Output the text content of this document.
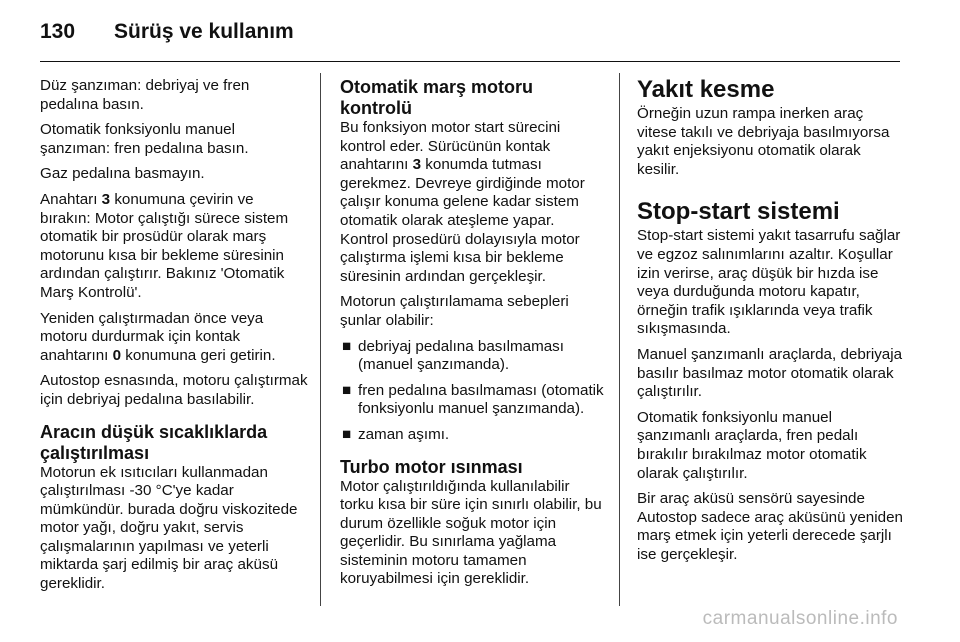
130	Sürüş ve kullanım

Düz şanzıman: debriyaj ve fren pedalına basın.

Otomatik fonksiyonlu manuel şanzıman: fren pedalına basın.

Gaz pedalına basmayın.

Anahtarı 3 konumuna çevirin ve bırakın: Motor çalıştığı sürece sistem otomatik bir prosüdür olarak marş motorunu kısa bir bekleme süresinin ardından çalıştırır. Bakınız 'Otomatik Marş Kontrolü'.

Yeniden çalıştırmadan önce veya motoru durdurmak için kontak anahtarını 0 konumuna geri getirin.

Autostop esnasında, motoru çalıştırmak için debriyaj pedalına basılabilir.

Aracın düşük sıcaklıklarda çalıştırılması

Motorun ek ısıtıcıları kullanmadan çalıştırılması -30 °C'ye kadar mümkündür. burada doğru viskozitede motor yağı, doğru yakıt, servis çalışmalarının yapılması ve yeterli miktarda şarj edilmiş bir araç aküsü gereklidir.

Otomatik marş motoru kontrolü

Bu fonksiyon motor start sürecini kontrol eder. Sürücünün kontak anahtarını 3 konumda tutması gerekmez. Devreye girdiğinde motor çalışır konuma gelene kadar sistem otomatik olarak ateşleme yapar. Kontrol prosedürü dolayısıyla motor çalıştırma işlemi kısa bir bekleme süresinin ardından gerçekleşir.

Motorun çalıştırılamama sebepleri şunlar olabilir:

■ debriyaj pedalına basılmaması (manuel şanzımanda).
■ fren pedalına basılmaması (otomatik fonksiyonlu manuel şanzımanda).
■ zaman aşımı.
Turbo motor ısınması

Motor çalıştırıldığında kullanılabilir torku kısa bir süre için sınırlı olabilir, bu durum özellikle soğuk motor için geçerlidir. Bu sınırlama yağlama sisteminin motoru tamamen koruyabilmesi için gereklidir.

Yakıt kesme

Örneğin uzun rampa inerken araç vitese takılı ve debriyaja basılmıyorsa yakıt enjeksiyonu otomatik olarak kesilir.

Stop-start sistemi

Stop-start sistemi yakıt tasarrufu sağlar ve egzoz salınımlarını azaltır. Koşullar izin verirse, araç düşük bir hızda ise veya durduğunda motoru kapatır, örneğin trafik ışıklarında veya trafik sıkışmasında.

Manuel şanzımanlı araçlarda, debriyaja basılır basılmaz motor otomatik olarak çalıştırılır.

Otomatik fonksiyonlu manuel şanzımanlı araçlarda, fren pedalı bırakılır bırakılmaz motor otomatik olarak çalıştırılır.

Bir araç aküsü sensörü sayesinde Autostop sadece araç aküsünü yeniden marş etmek için yeterli derecede şarjlı ise gerçekleşir.

carmanualsonline.info
